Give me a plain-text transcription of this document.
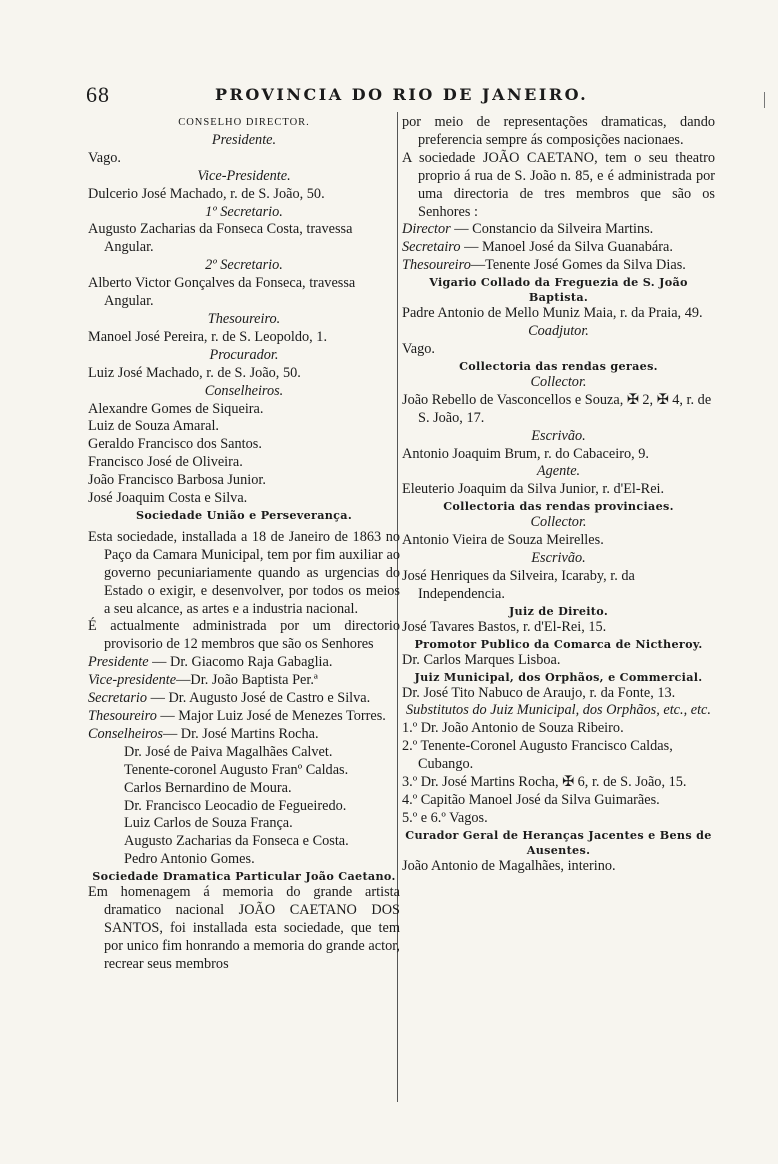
68	PROVINCIA DO RIO DE JANEIRO.

CONSELHO DIRECTOR.

Presidente.

Vago.

Vice-Presidente.

Dulcerio José Machado, r. de S. João, 50.

1º Secretario.

Augusto Zacharias da Fonseca Costa, travessa Angular.

2º Secretario.

Alberto Victor Gonçalves da Fonseca, travessa Angular.

Thesoureiro.

Manoel José Pereira, r. de S. Leopoldo, 1.

Procurador.

Luiz José Machado, r. de S. João, 50.

Conselheiros.

Alexandre Gomes de Siqueira.

Luiz de Souza Amaral.

Geraldo Francisco dos Santos.

Francisco José de Oliveira.

João Francisco Barbosa Junior.

José Joaquim Costa e Silva.

Sociedade União e Perseverança.

Esta sociedade, installada a 18 de Janeiro de 1863 no Paço da Camara Municipal, tem por fim auxiliar ao governo pecuniariamente quando as urgencias do Estado o exigir, e desenvolver, por todos os meios a seu alcance, as artes e a industria nacional.

É actualmente administrada por um directorio provisorio de 12 membros que são os Senhores

Presidente — Dr. Giacomo Raja Gabaglia.

Vice-presidente—Dr. João Baptista Per.ª

Secretario — Dr. Augusto José de Castro e Silva.

Thesoureiro — Major Luiz José de Menezes Torres.

Conselheiros— Dr. José Martins Rocha.

Dr. José de Paiva Magalhães Calvet.

Tenente-coronel Augusto Franº Caldas.

Carlos Bernardino de Moura.

Dr. Francisco Leocadio de Fegueiredo.

Luiz Carlos de Souza França.

Augusto Zacharias da Fonseca e Costa.

Pedro Antonio Gomes.

Sociedade Dramatica Particular João Caetano.

Em homenagem á memoria do grande artista dramatico nacional JOÃO CAETANO DOS SANTOS, foi installada esta sociedade, que tem por unico fim honrando a memoria do grande actor, recrear seus membros

por meio de representações dramaticas, dando preferencia sempre ás composições nacionaes.

A sociedade JOÃO CAETANO, tem o seu theatro proprio á rua de S. João n. 85, e é administrada por uma directoria de tres membros que são os Senhores :

Director — Constancio da Silveira Martins.

Secretairo — Manoel José da Silva Guanabára.

Thesoureiro—Tenente José Gomes da Silva Dias.

Vigario Collado da Freguezia de S. João Baptista.

Padre Antonio de Mello Muniz Maia, r. da Praia, 49.

Coadjutor.

Vago.

Collectoria das rendas geraes.

Collector.

João Rebello de Vasconcellos e Souza, ✠ 2, ✠ 4, r. de S. João, 17.

Escrivão.

Antonio Joaquim Brum, r. do Cabaceiro, 9.

Agente.

Eleuterio Joaquim da Silva Junior, r. d'El-Rei.

Collectoria das rendas provinciaes.

Collector.

Antonio Vieira de Souza Meirelles.

Escrivão.

José Henriques da Silveira, Icaraby, r. da Independencia.

Juiz de Direito.

José Tavares Bastos, r. d'El-Rei, 15.

Promotor Publico da Comarca de Nictheroy.

Dr. Carlos Marques Lisboa.

Juiz Municipal, dos Orphãos, e Commercial.

Dr. José Tito Nabuco de Araujo, r. da Fonte, 13.

Substitutos do Juiz Municipal, dos Orphãos, etc., etc.

1.º Dr. João Antonio de Souza Ribeiro.

2.º Tenente-Coronel Augusto Francisco Caldas, Cubango.

3.º Dr. José Martins Rocha, ✠ 6, r. de S. João, 15.

4.º Capitão Manoel José da Silva Guimarães.

5.º e 6.º Vagos.

Curador Geral de Heranças Jacentes e Bens de Ausentes.

João Antonio de Magalhães, interino.
